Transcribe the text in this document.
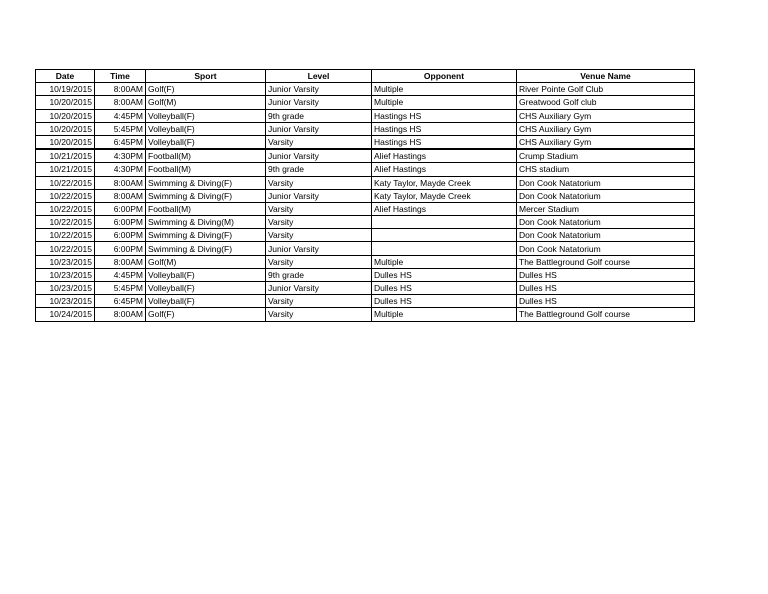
Date	Time	Sport	Level	Opponent	Venue Name
10/19/2015	8:00AM	Golf(F)	Junior Varsity	Multiple	River Pointe Golf Club
10/20/2015	8:00AM	Golf(M)	Junior Varsity	Multiple	Greatwood Golf club
10/20/2015	4:45PM	Volleyball(F)	9th grade	Hastings HS	CHS Auxiliary Gym
10/20/2015	5:45PM	Volleyball(F)	Junior Varsity	Hastings HS	CHS Auxiliary Gym
10/20/2015	6:45PM	Volleyball(F)	Varsity	Hastings HS	CHS Auxiliary Gym
10/21/2015	4:30PM	Football(M)	Junior Varsity	Alief Hastings	Crump Stadium
10/21/2015	4:30PM	Football(M)	9th grade	Alief Hastings	CHS stadium
10/22/2015	8:00AM	Swimming & Diving(F)	Varsity	Katy Taylor, Mayde Creek	Don Cook Natatorium
10/22/2015	8:00AM	Swimming & Diving(F)	Junior Varsity	Katy Taylor, Mayde Creek	Don Cook Natatorium
10/22/2015	6:00PM	Football(M)	Varsity	Alief Hastings	Mercer Stadium
10/22/2015	6:00PM	Swimming & Diving(M)	Varsity		Don Cook Natatorium
10/22/2015	6:00PM	Swimming & Diving(F)	Varsity		Don Cook Natatorium
10/22/2015	6:00PM	Swimming & Diving(F)	Junior Varsity		Don Cook Natatorium
10/23/2015	8:00AM	Golf(M)	Varsity	Multiple	The Battleground Golf course
10/23/2015	4:45PM	Volleyball(F)	9th grade	Dulles HS	Dulles HS
10/23/2015	5:45PM	Volleyball(F)	Junior Varsity	Dulles HS	Dulles HS
10/23/2015	6:45PM	Volleyball(F)	Varsity	Dulles HS	Dulles HS
10/24/2015	8:00AM	Golf(F)	Varsity	Multiple	The Battleground Golf course
